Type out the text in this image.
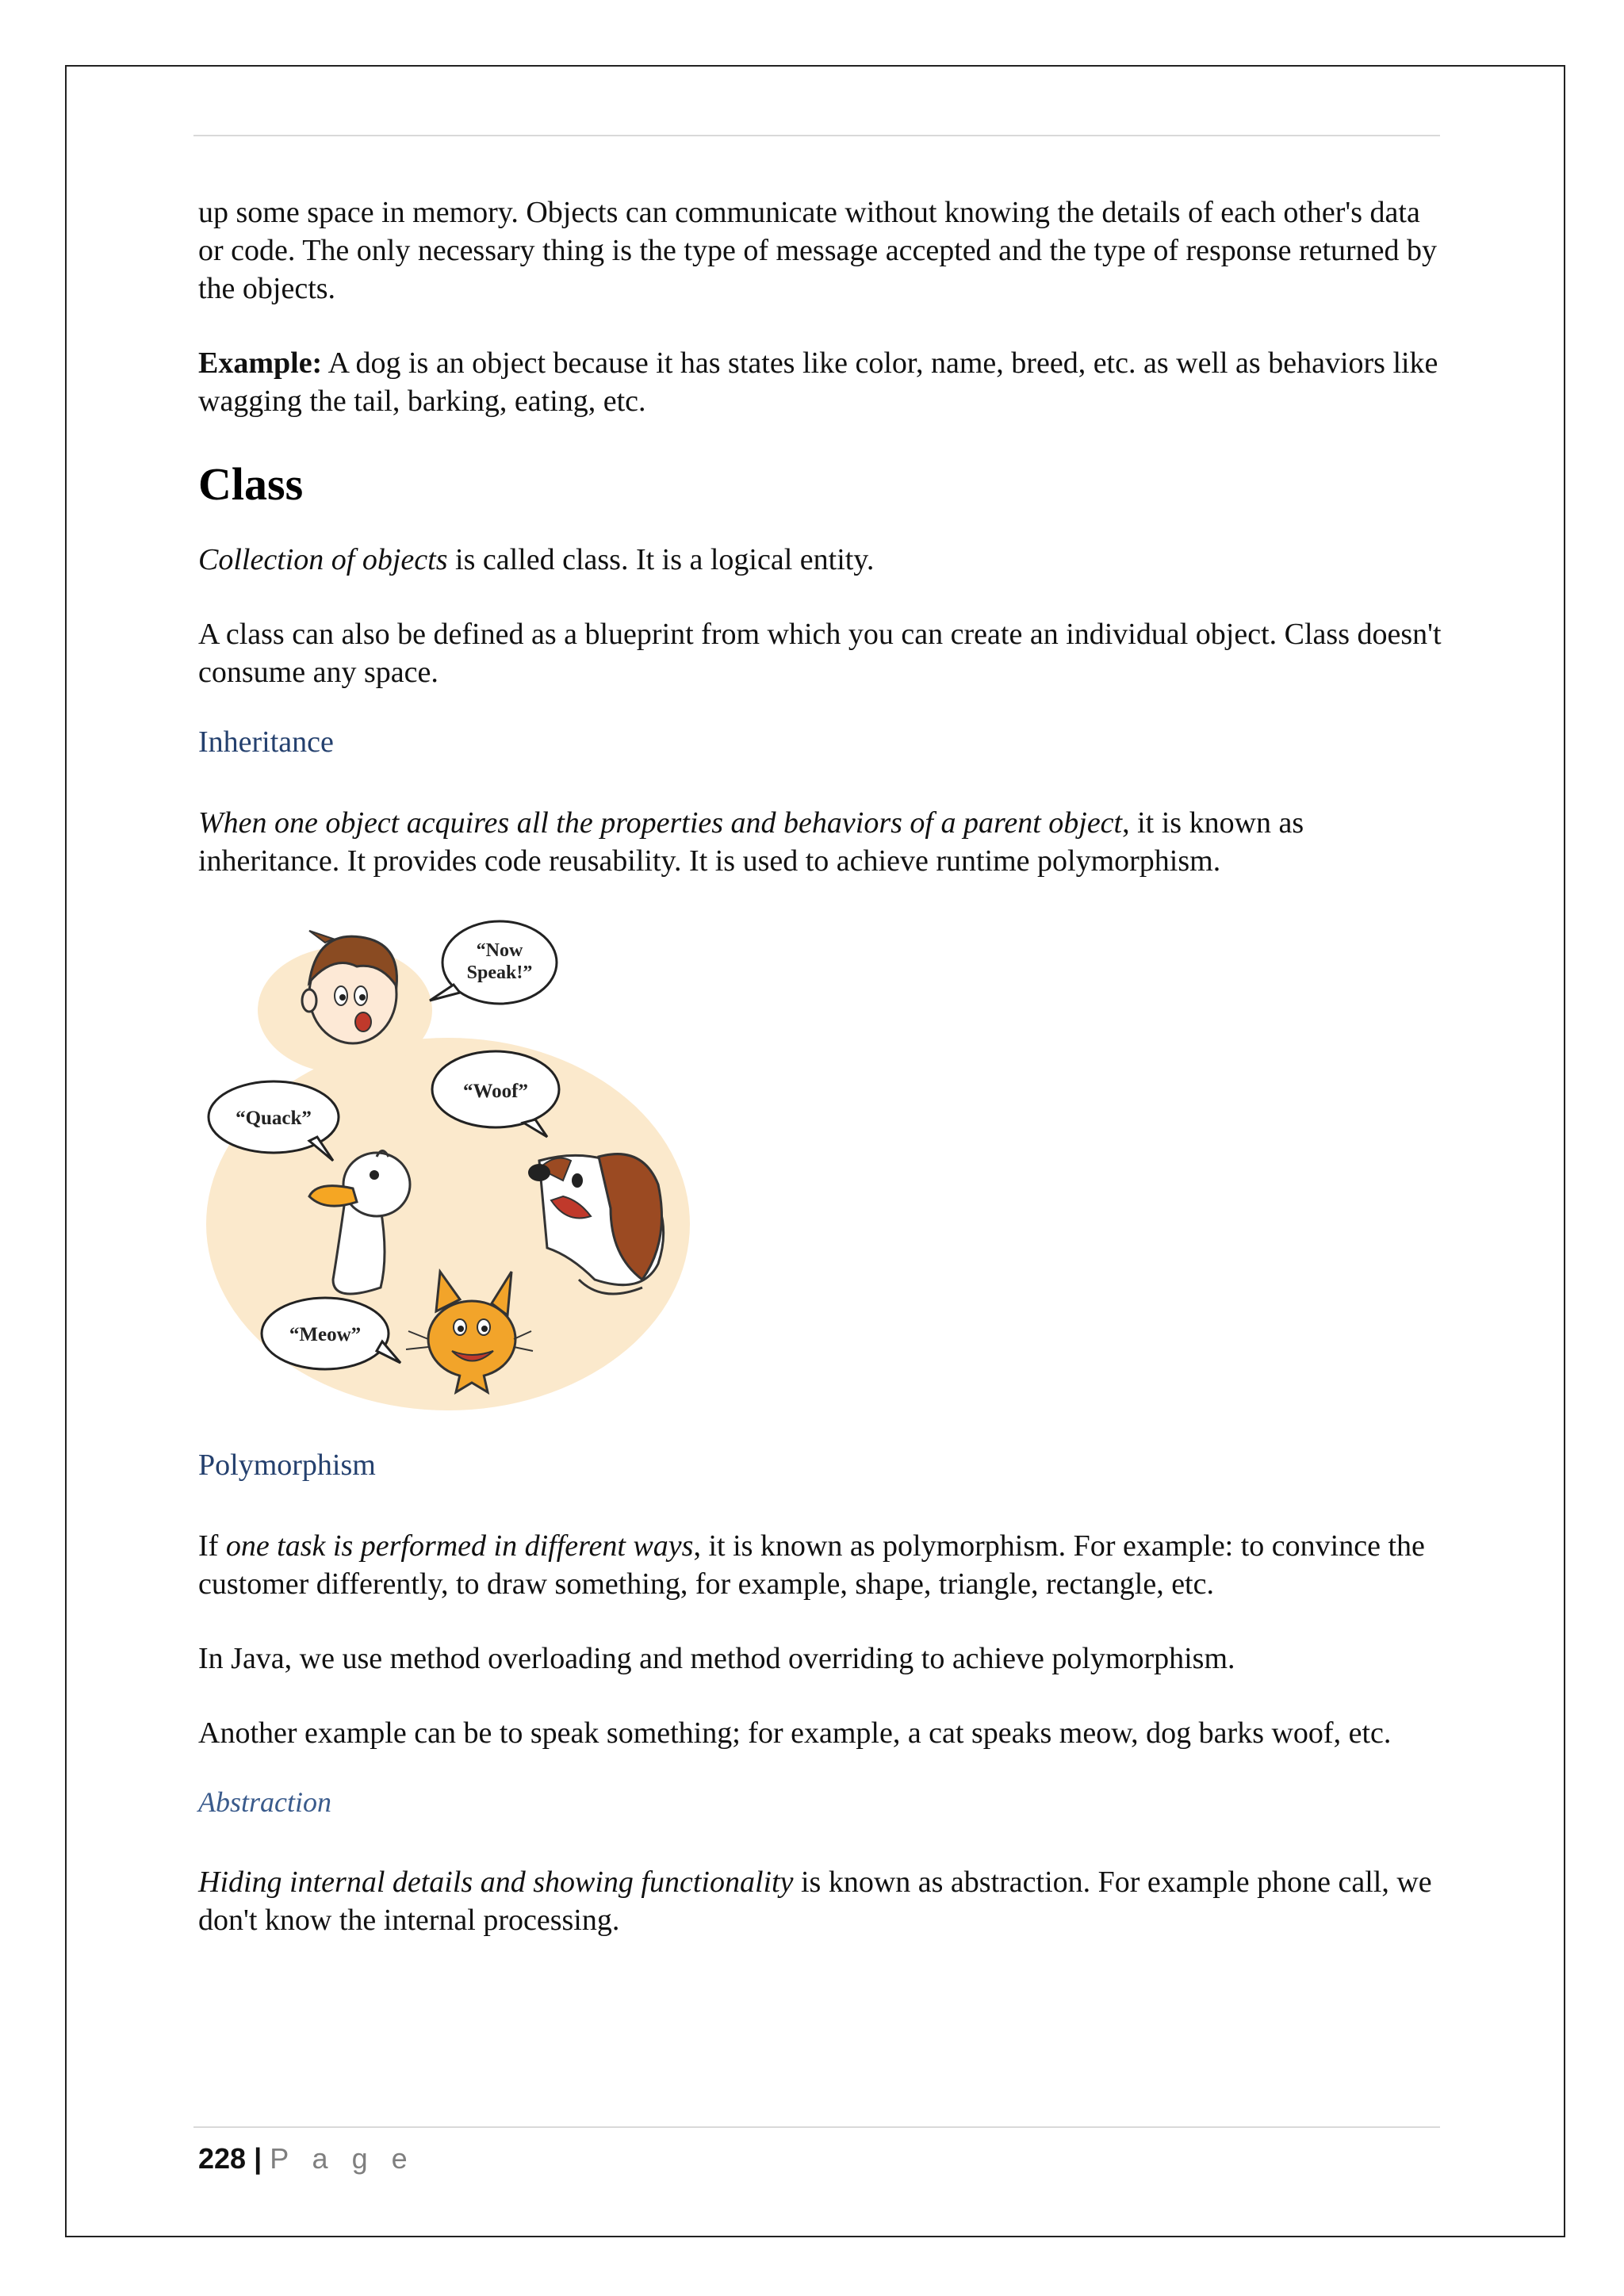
up some space in memory. Objects can communicate without knowing the details of each other's data or code. The only necessary thing is the type of message accepted and the type of response returned by the objects.

Example: A dog is an object because it has states like color, name, breed, etc. as well as behaviors like wagging the tail, barking, eating, etc.

Class

Collection of objects is called class. It is a logical entity.

A class can also be defined as a blueprint from which you can create an individual object. Class doesn't consume any space.

Inheritance

When one object acquires all the properties and behaviors of a parent object, it is known as inheritance. It provides code reusability. It is used to achieve runtime polymorphism.

“Now
Speak!”
“Quack”
“Woof”
“Meow”
Polymorphism

If one task is performed in different ways, it is known as polymorphism. For example: to convince the customer differently, to draw something, for example, shape, triangle, rectangle, etc.

In Java, we use method overloading and method overriding to achieve polymorphism.

Another example can be to speak something; for example, a cat speaks meow, dog barks woof, etc.

Abstraction

Hiding internal details and showing functionality is known as abstraction. For example phone call, we don't know the internal processing.

228 | P a g e
